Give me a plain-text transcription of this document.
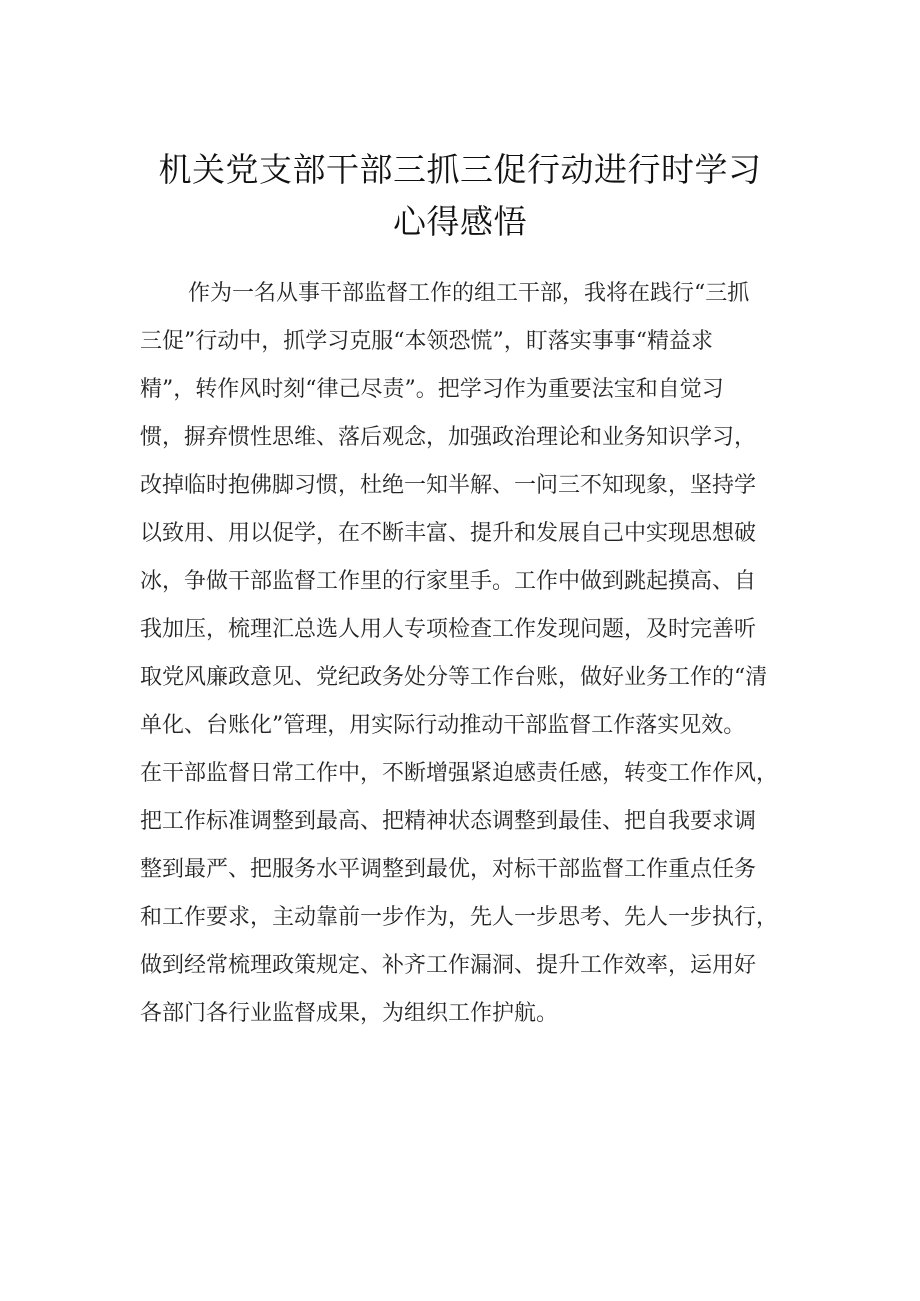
机关党支部干部三抓三促行动进行时学习
心得感悟
作为一名从事干部监督工作的组工干部，我将在践行“三抓
三促”行动中，抓学习克服“本领恐慌”，盯落实事事“精益求
精”，转作风时刻“律己尽责”。把学习作为重要法宝和自觉习
惯，摒弃惯性思维、落后观念，加强政治理论和业务知识学习，
改掉临时抱佛脚习惯，杜绝一知半解、一问三不知现象，坚持学
以致用、用以促学，在不断丰富、提升和发展自己中实现思想破
冰，争做干部监督工作里的行家里手。工作中做到跳起摸高、自
我加压，梳理汇总选人用人专项检查工作发现问题，及时完善听
取党风廉政意见、党纪政务处分等工作台账，做好业务工作的“清
单化、台账化”管理，用实际行动推动干部监督工作落实见效。
在干部监督日常工作中，不断增强紧迫感责任感，转变工作作风，
把工作标准调整到最高、把精神状态调整到最佳、把自我要求调
整到最严、把服务水平调整到最优，对标干部监督工作重点任务
和工作要求，主动靠前一步作为，先人一步思考、先人一步执行，
做到经常梳理政策规定、补齐工作漏洞、提升工作效率，运用好
各部门各行业监督成果，为组织工作护航。
